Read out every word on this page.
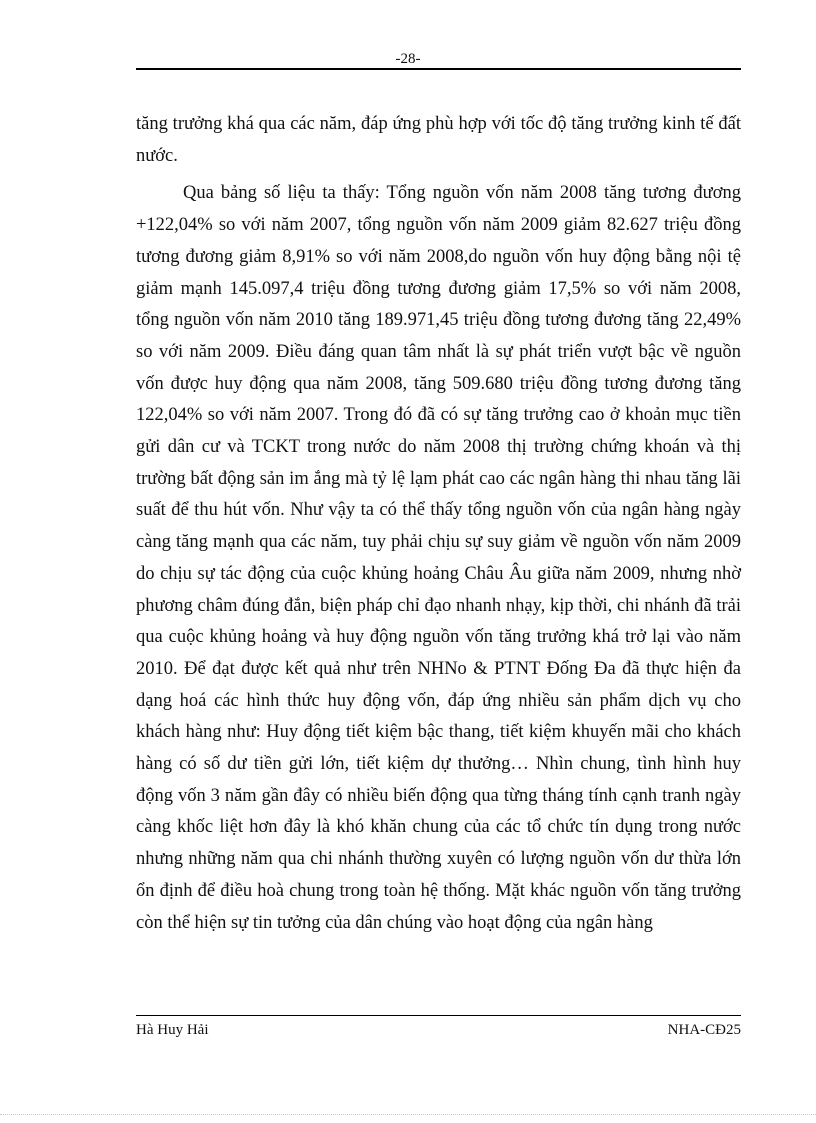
-28-

tăng trưởng khá qua các năm, đáp ứng phù hợp với tốc độ tăng trưởng kinh tế đất nước.

Qua bảng số liệu ta thấy: Tổng nguồn vốn năm 2008 tăng tương đương +122,04% so với năm 2007, tổng nguồn vốn năm 2009 giảm 82.627 triệu đồng tương đương giảm 8,91% so với năm 2008,do nguồn vốn huy động bằng nội tệ giảm mạnh 145.097,4 triệu đồng tương đương giảm 17,5% so với năm 2008, tổng nguồn vốn năm 2010 tăng 189.971,45 triệu đồng tương đương tăng 22,49% so với năm 2009. Điều đáng quan tâm nhất là sự phát triển vượt bậc về nguồn vốn được huy động qua năm 2008, tăng 509.680 triệu đồng tương đương tăng 122,04% so với năm 2007. Trong đó đã có sự tăng trưởng cao ở khoản mục tiền gửi dân cư và TCKT trong nước do năm 2008 thị trường chứng khoán và thị trường bất động sản im ắng mà tỷ lệ lạm phát cao các ngân hàng thi nhau tăng lãi suất để thu hút vốn. Như vậy ta có thể thấy tổng nguồn vốn của ngân hàng ngày càng tăng mạnh qua các năm, tuy phải chịu sự suy giảm về nguồn vốn năm 2009 do chịu sự tác động của cuộc khủng hoảng Châu Âu giữa năm 2009, nhưng nhờ phương châm đúng đắn, biện pháp chỉ đạo nhanh nhạy, kịp thời, chi nhánh đã trải qua cuộc khủng hoảng và huy động nguồn vốn tăng trưởng khá trở lại vào năm 2010. Để đạt được kết quả như trên NHNo & PTNT Đống Đa đã thực hiện đa dạng hoá các hình thức huy động vốn, đáp ứng nhiều sản phẩm dịch vụ cho khách hàng như: Huy động tiết kiệm bậc thang, tiết kiệm khuyến mãi cho khách hàng có số dư tiền gửi lớn, tiết kiệm dự thưởng… Nhìn chung, tình hình huy động vốn 3 năm gần đây có nhiều biến động qua từng tháng tính cạnh tranh ngày càng khốc liệt hơn đây là khó khăn chung của các tổ chức tín dụng trong nước nhưng những năm qua chi nhánh thường xuyên có lượng nguồn vốn dư thừa lớn ổn định để điều hoà chung trong toàn hệ thống. Mặt khác nguồn vốn tăng trưởng còn thể hiện sự tin tưởng của dân chúng vào hoạt động của ngân hàng

Hà Huy Hải	NHA-CĐ25
